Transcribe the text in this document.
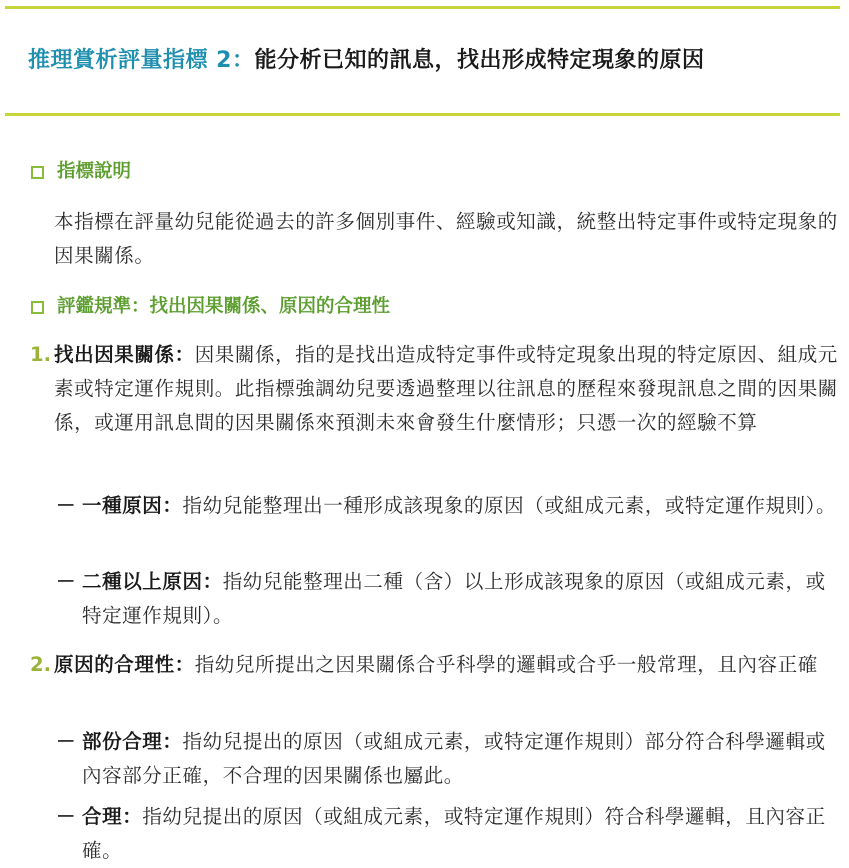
推理賞析評量指標 2：能分析已知的訊息，找出形成特定現象的原因
指標說明

本指標在評量幼兒能從過去的許多個別事件、經驗或知識，統整出特定事件或特定現象的因果關係。

評鑑規準：找出因果關係、原因的合理性
1. 找出因果關係：因果關係，指的是找出造成特定事件或特定現象出現的特定原因、組成元素或特定運作規則。此指標強調幼兒要透過整理以往訊息的歷程來發現訊息之間的因果關係，或運用訊息間的因果關係來預測未來會發生什麼情形；只憑一次的經驗不算

－ 一種原因：指幼兒能整理出一種形成該現象的原因（或組成元素，或特定運作規則）。

－ 二種以上原因：指幼兒能整理出二種（含）以上形成該現象的原因（或組成元素，或特定運作規則）。

2. 原因的合理性：指幼兒所提出之因果關係合乎科學的邏輯或合乎一般常理，且內容正確

－ 部份合理：指幼兒提出的原因（或組成元素，或特定運作規則）部分符合科學邏輯或內容部分正確，不合理的因果關係也屬此。

－ 合理：指幼兒提出的原因（或組成元素，或特定運作規則）符合科學邏輯，且內容正確。
